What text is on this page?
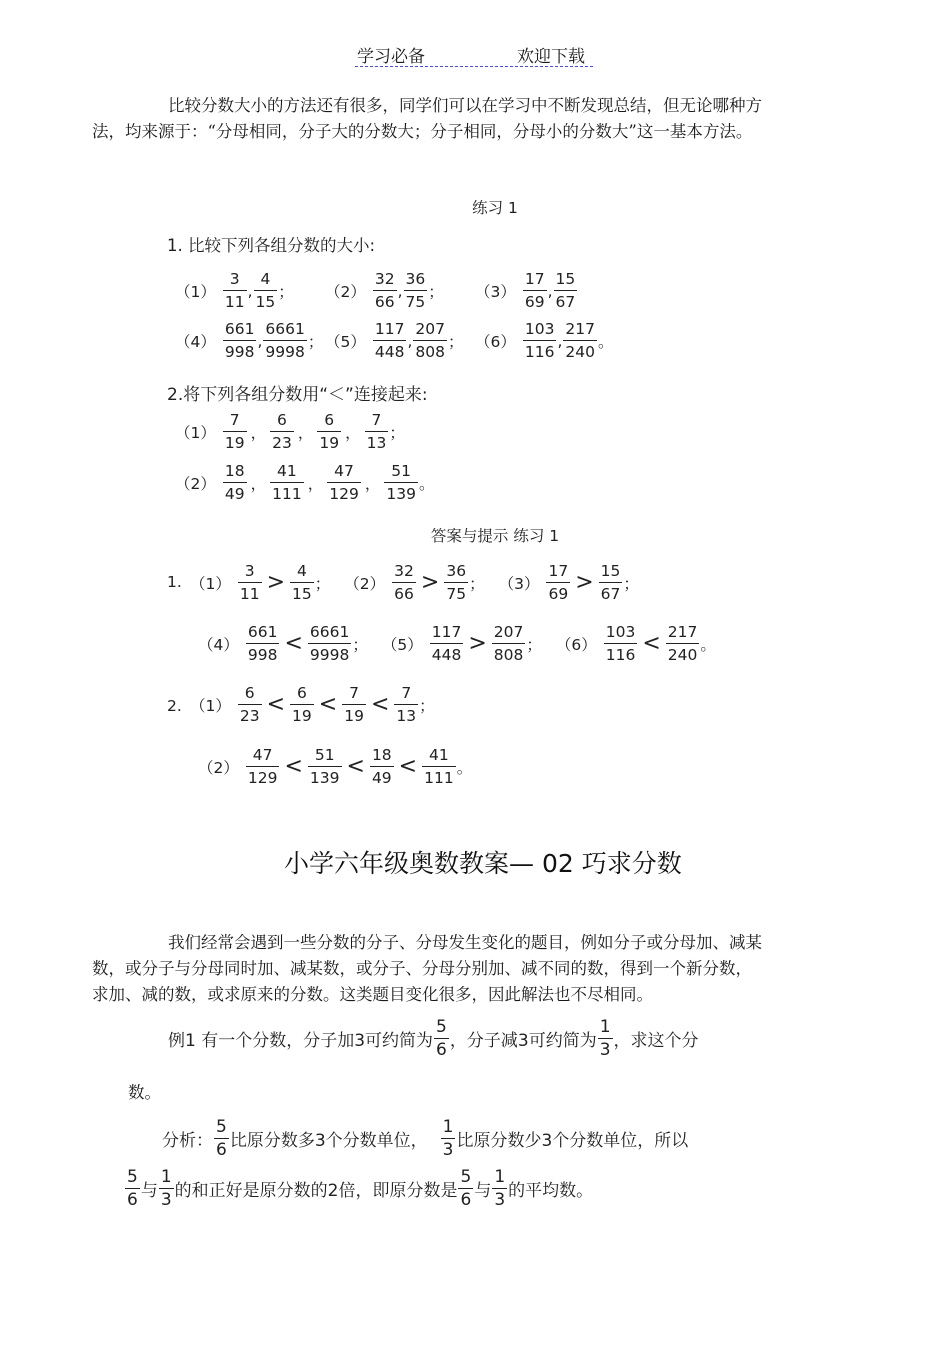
学习必备	欢迎下载
比较分数大小的方法还有很多，同学们可以在学习中不断发现总结，但无论哪种方
法，均来源于：“分母相同，分子大的分数大；分子相同，分母小的分数大”这一基本方法。
练习 1
1. 比较下列各组分数的大小:
$(1) \frac{3}{11}$ , $\frac{4}{15}$ ； $(2) \frac{32}{66}$ , $\frac{36}{75}$ ； $(3) \frac{17}{69}$ , $\frac{15}{67}$
$(4) \frac{661}{998}$ , $\frac{6661}{9998}$ ； $(5) \frac{117}{448}$ , $\frac{207}{808}$ ； $(6) \frac{103}{116}$ , $\frac{217}{240}$ 。
2.将下列各组分数用“＜”连接起来:
$(1) \frac{7}{19}$ ， $\frac{6}{23}$ ， $\frac{6}{19}$ ， $\frac{7}{13}$ ；
$(2) \frac{18}{49}$ ， $\frac{41}{111}$ ， $\frac{47}{129}$ ， $\frac{51}{139}$ 。
答案与提示 练习 1
1. $(1) \frac{3}{11} > \frac{4}{15}$ ； $(2) \frac{32}{66} > \frac{36}{75}$ ； $(3) \frac{17}{69} > \frac{15}{67}$ ；
$(4) \frac{661}{998} < \frac{6661}{9998}$ ； $(5) \frac{117}{448} > \frac{207}{808}$ ； $(6) \frac{103}{116} < \frac{217}{240}$ 。
2. $(1) \frac{6}{23} < \frac{6}{19} < \frac{7}{19} < \frac{7}{13}$ ；
$(2) \frac{47}{129} < \frac{51}{139} < \frac{18}{49} < \frac{41}{111}$ 。
小学六年级奥数教案— 02 巧求分数
我们经常会遇到一些分数的分子、分母发生变化的题目，例如分子或分母加、减某
数，或分子与分母同时加、减某数，或分子、分母分别加、减不同的数，得到一个新分数，
求加、减的数，或求原来的分数。这类题目变化很多，因此解法也不尽相同。
例1 有一个分数，分子加3可约简为 $\frac{5}{6}$ ，分子减3可约简为 $\frac{1}{3}$ ，求这个分
数。
分析： $\frac{5}{6}$ 比原分数多3个分数单位， $\frac{1}{3}$ 比原分数少3个分数单位，所以
$\frac{5}{6}$ 与 $\frac{1}{3}$ 的和正好是原分数的2倍，即原分数是 $\frac{5}{6}$ 与 $\frac{1}{3}$ 的平均数。
